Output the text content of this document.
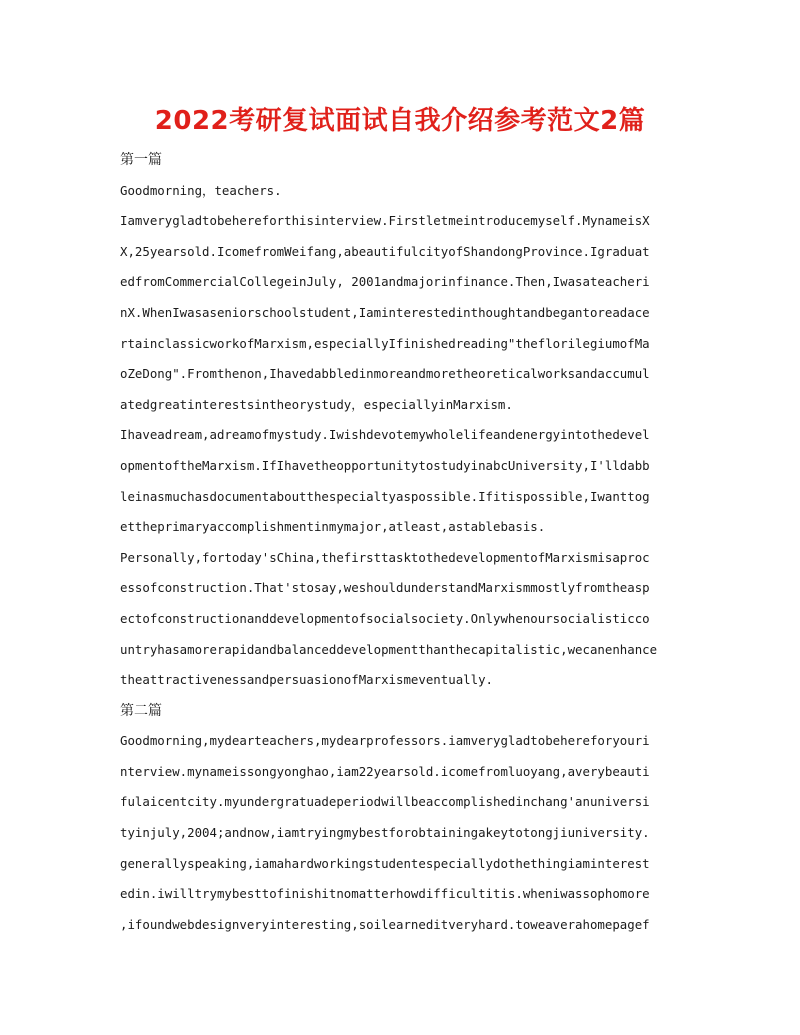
2022考研复试面试自我介绍参考范文2篇
第一篇
Goodmorning，teachers.
Iamverygladtobehereforthisinterview.Firstletmeintroducemyself.MynameisX
X,25yearsold.IcomefromWeifang,abeautifulcityofShandongProvince.Igraduat
edfromCommercialCollegeinJuly, 2001andmajorinfinance.Then,Iwasateacheri
nX.WhenIwasaseniorschoolstudent,Iaminterestedinthoughtandbegantoreadace
rtainclassicworkofMarxism,especiallyIfinishedreading"theflorilegiumofMa
oZeDong".Fromthenon,Ihavedabbledinmoreandmoretheoreticalworksandaccumul
atedgreatinterestsintheorystudy，especiallyinMarxism.
Ihaveadream,adreamofmystudy.Iwishdevotemywholelifeandenergyintothedevel
opmentoftheMarxism.IfIhavetheopportunitytostudyinabcUniversity,I'lldabb
leinasmuchasdocumentaboutthespecialtyaspossible.Ifitispossible,Iwanttog
ettheprimaryaccomplishmentinmymajor,atleast,astablebasis.
Personally,fortoday'sChina,thefirsttasktothedevelopmentofMarxismisaproc
essofconstruction.That'stosay,weshouldunderstandMarxismmostlyfromtheasp
ectofconstructionanddevelopmentofsocialsociety.Onlywhenoursocialisticco
untryhasamorerapidandbalanceddevelopmentthanthecapitalistic,wecanenhance
theattractivenessandpersuasionofMarxismeventually.
第二篇
Goodmorning,mydearteachers,mydearprofessors.iamverygladtobehereforyouri
nterview.mynameissongyonghao,iam22yearsold.icomefromluoyang,averybeauti
fulaicentcity.myundergratuadeperiodwillbeaccomplishedinchang'anuniversi
tyinjuly,2004;andnow,iamtryingmybestforobtainingakeytotongjiuniversity.
generallyspeaking,iamahardworkingstudentespeciallydothethingiaminterest
edin.iwilltrymybesttofinishitnomatterhowdifficultitis.wheniwassophomore
,ifoundwebdesignveryinteresting,soilearneditveryhard.toweaverahomepagef
